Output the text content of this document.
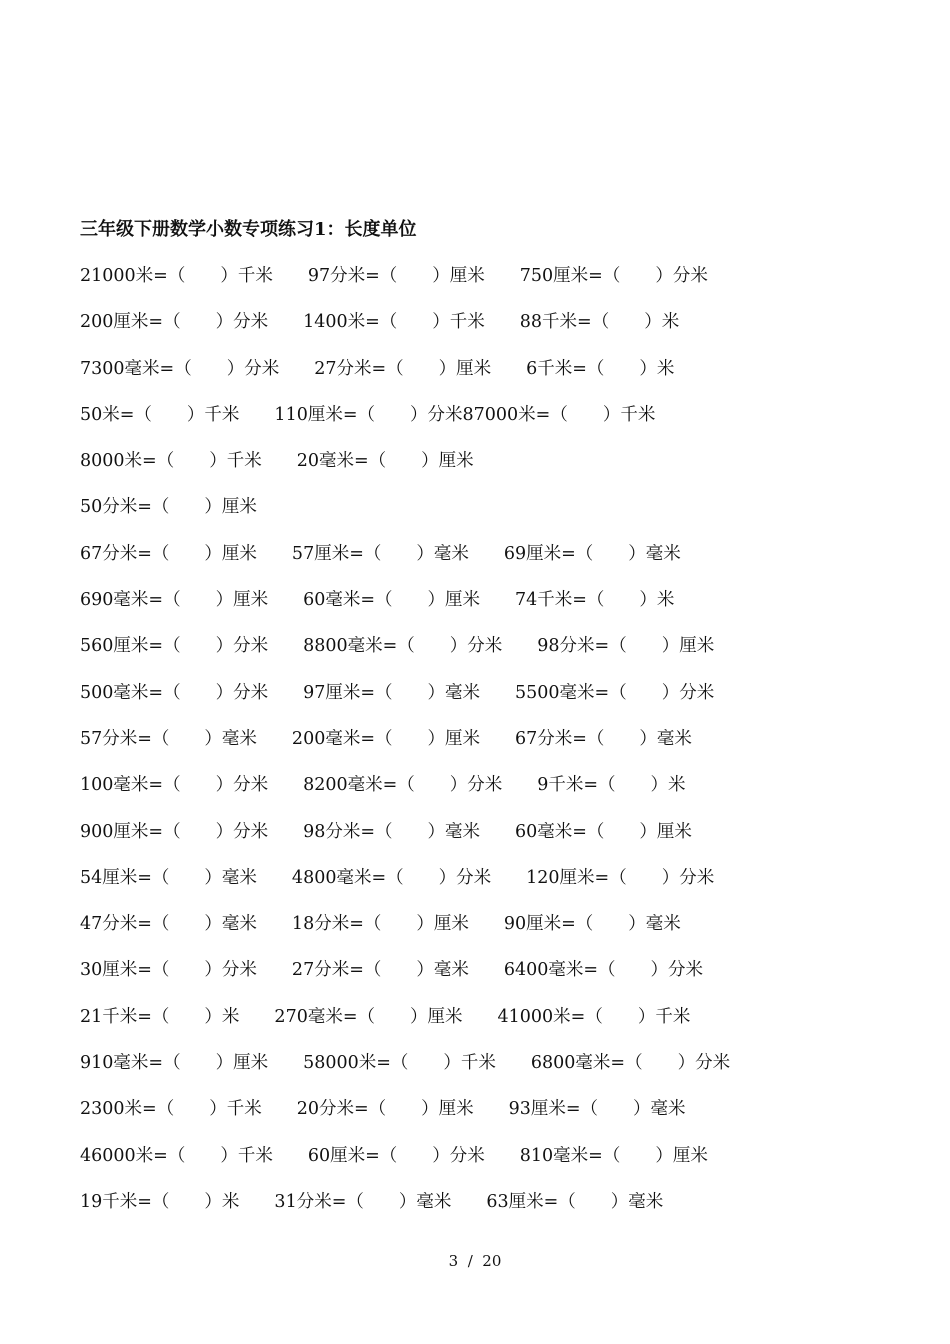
三年级下册数学小数专项练习1：长度单位
21000米=（　　）千米　　97分米=（　　）厘米　　750厘米=（　　）分米
200厘米=（　　）分米　　1400米=（　　）千米　　88千米=（　　）米
7300毫米=（　　）分米　　27分米=（　　）厘米　　6千米=（　　）米
50米=（　　）千米　　110厘米=（　　）分米87000米=（　　）千米
8000米=（　　）千米　　20毫米=（　　）厘米
50分米=（　　）厘米
67分米=（　　）厘米　　57厘米=（　　）毫米　　69厘米=（　　）毫米
690毫米=（　　）厘米　　60毫米=（　　）厘米　　74千米=（　　）米
560厘米=（　　）分米　　8800毫米=（　　）分米　　98分米=（　　）厘米
500毫米=（　　）分米　　97厘米=（　　）毫米　　5500毫米=（　　）分米
57分米=（　　）毫米　　200毫米=（　　）厘米　　67分米=（　　）毫米
100毫米=（　　）分米　　8200毫米=（　　）分米　　9千米=（　　）米
900厘米=（　　）分米　　98分米=（　　）毫米　　60毫米=（　　）厘米
54厘米=（　　）毫米　　4800毫米=（　　）分米　　120厘米=（　　）分米
47分米=（　　）毫米　　18分米=（　　）厘米　　90厘米=（　　）毫米
30厘米=（　　）分米　　27分米=（　　）毫米　　6400毫米=（　　）分米
21千米=（　　）米　　270毫米=（　　）厘米　　41000米=（　　）千米
910毫米=（　　）厘米　　58000米=（　　）千米　　6800毫米=（　　）分米
2300米=（　　）千米　　20分米=（　　）厘米　　93厘米=（　　）毫米
46000米=（　　）千米　　60厘米=（　　）分米　　810毫米=（　　）厘米
19千米=（　　）米　　31分米=（　　）毫米　　63厘米=（　　）毫米
3  /  20
